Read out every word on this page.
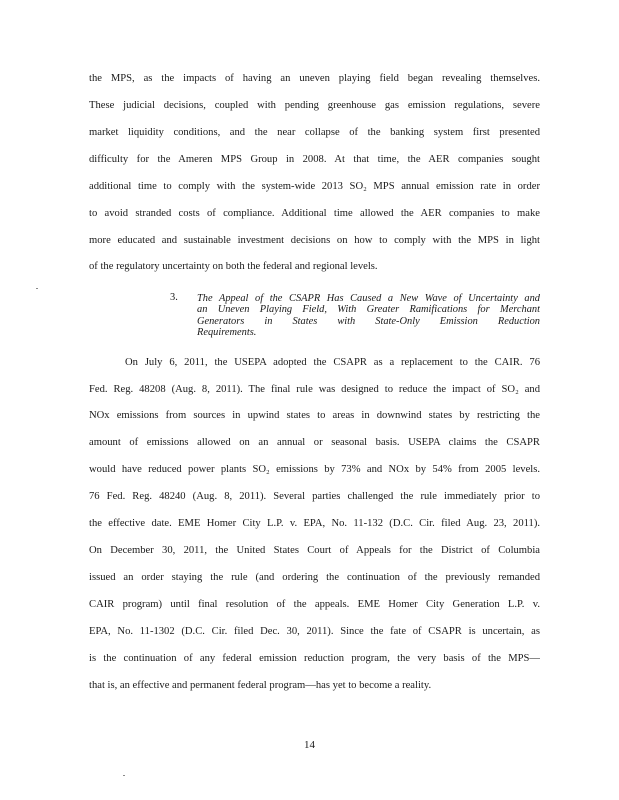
the MPS, as the impacts of having an uneven playing field began revealing themselves.
These judicial decisions, coupled with pending greenhouse gas emission regulations, severe
market liquidity conditions, and the near collapse of the banking system first presented
difficulty for the Ameren MPS Group in 2008. At that time, the AER companies sought
additional time to comply with the system-wide 2013 SO₂ MPS annual emission rate in order
to avoid stranded costs of compliance. Additional time allowed the AER companies to make
more educated and sustainable investment decisions on how to comply with the MPS in light
of the regulatory uncertainty on both the federal and regional levels.
3. The Appeal of the CSAPR Has Caused a New Wave of Uncertainty and
an Uneven Playing Field, With Greater Ramifications for Merchant
Generators in States with State-Only Emission Reduction
Requirements.
On July 6, 2011, the USEPA adopted the CSAPR as a replacement to the CAIR. 76
Fed. Reg. 48208 (Aug. 8, 2011). The final rule was designed to reduce the impact of SO₂ and
NOx emissions from sources in upwind states to areas in downwind states by restricting the
amount of emissions allowed on an annual or seasonal basis. USEPA claims the CSAPR
would have reduced power plants SO₂ emissions by 73% and NOx by 54% from 2005 levels.
76 Fed. Reg. 48240 (Aug. 8, 2011). Several parties challenged the rule immediately prior to
the effective date. EME Homer City L.P. v. EPA, No. 11-132 (D.C. Cir. filed Aug. 23, 2011).
On December 30, 2011, the United States Court of Appeals for the District of Columbia
issued an order staying the rule (and ordering the continuation of the previously remanded
CAIR program) until final resolution of the appeals. EME Homer City Generation L.P. v.
EPA, No. 11-1302 (D.C. Cir. filed Dec. 30, 2011). Since the fate of CSAPR is uncertain, as
is the continuation of any federal emission reduction program, the very basis of the MPS—
that is, an effective and permanent federal program—has yet to become a reality.
14
